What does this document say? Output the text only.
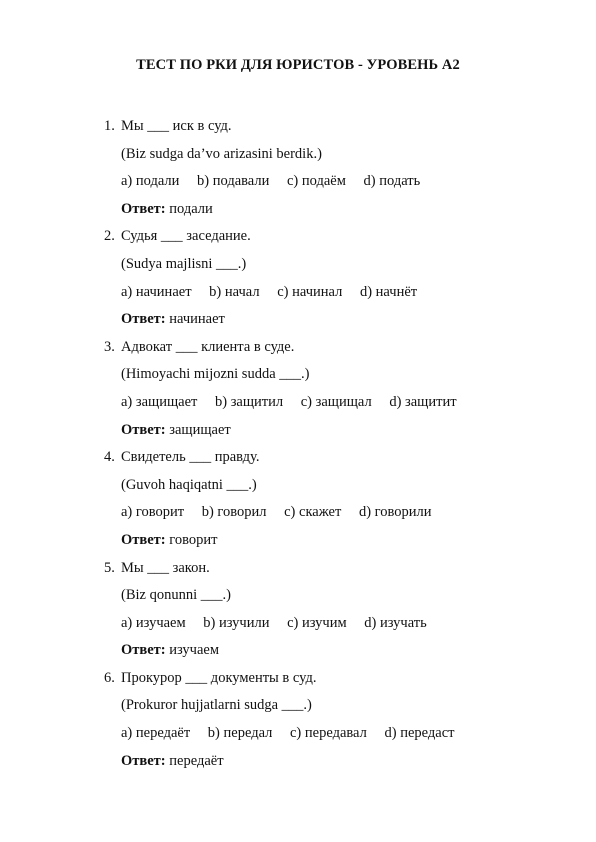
ТЕСТ ПО РКИ ДЛЯ ЮРИСТОВ - УРОВЕНЬ А2
1. Мы ___ иск в суд.
(Biz sudga da’vo arizasini berdik.)
a) подали b) подавали c) подаём d) подать
Ответ: подали
2. Судья ___ заседание.
(Sudya majlisni ___.)
a) начинает b) начал c) начинал d) начнёт
Ответ: начинает
3. Адвокат ___ клиента в суде.
(Himoyachi mijozni sudda ___.)
a) защищает b) защитил c) защищал d) защитит
Ответ: защищает
4. Свидетель ___ правду.
(Guvoh haqiqatni ___.)
a) говорит b) говорил c) скажет d) говорили
Ответ: говорит
5. Мы ___ закон.
(Biz qonunni ___.)
a) изучаем b) изучили c) изучим d) изучать
Ответ: изучаем
6. Прокурор ___ документы в суд.
(Prokuror hujjatlarni sudga ___.)
a) передаёт b) передал c) передавал d) передаст
Ответ: передаёт
